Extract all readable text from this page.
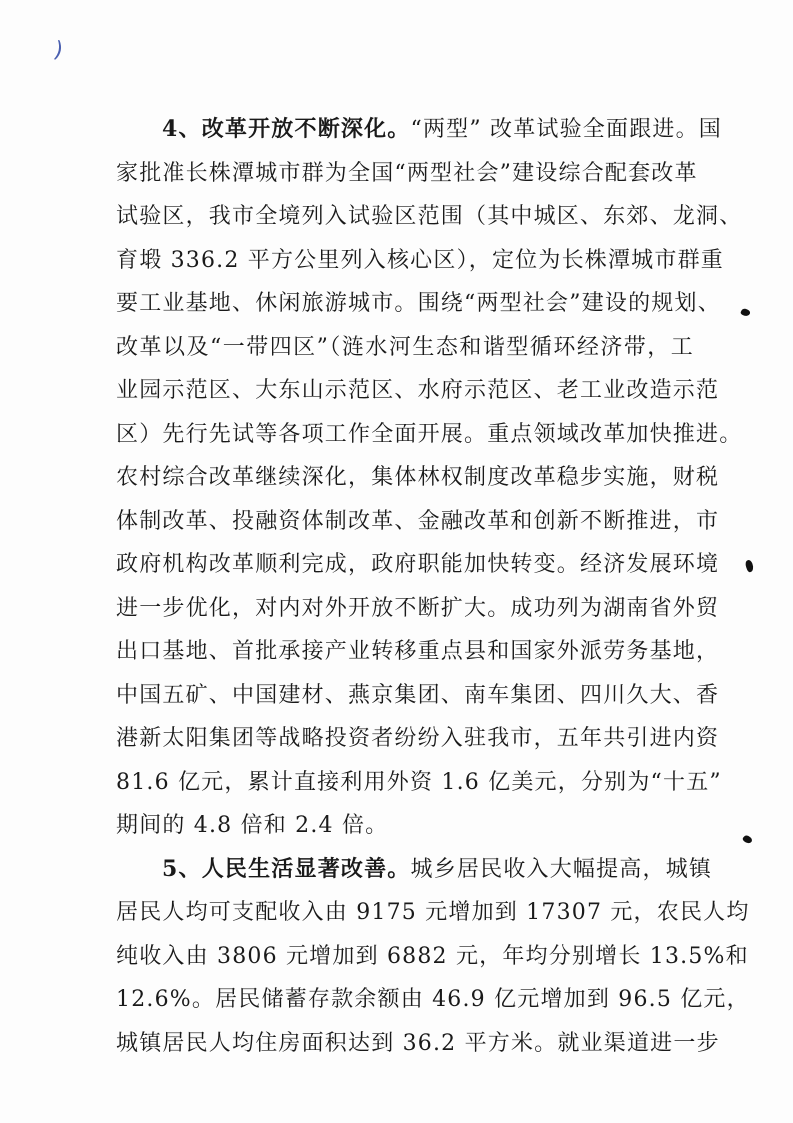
)
4、改革开放不断深化。“两型” 改革试验全面跟进。国
家批准长株潭城市群为全国“两型社会”建设综合配套改革
试验区，我市全境列入试验区范围（其中城区、东郊、龙洞、
育塅 336.2 平方公里列入核心区），定位为长株潭城市群重
要工业基地、休闲旅游城市。围绕“两型社会”建设的规划、
改革以及“一带四区”（涟水河生态和谐型循环经济带，工
业园示范区、大东山示范区、水府示范区、老工业改造示范
区）先行先试等各项工作全面开展。重点领域改革加快推进。
农村综合改革继续深化，集体林权制度改革稳步实施，财税
体制改革、投融资体制改革、金融改革和创新不断推进，市
政府机构改革顺利完成，政府职能加快转变。经济发展环境
进一步优化，对内对外开放不断扩大。成功列为湖南省外贸
出口基地、首批承接产业转移重点县和国家外派劳务基地，
中国五矿、中国建材、燕京集团、南车集团、四川久大、香
港新太阳集团等战略投资者纷纷入驻我市，五年共引进内资
81.6 亿元，累计直接利用外资 1.6 亿美元，分别为“十五”
期间的 4.8 倍和 2.4 倍。
5、人民生活显著改善。城乡居民收入大幅提高，城镇
居民人均可支配收入由 9175 元增加到 17307 元，农民人均
纯收入由 3806 元增加到 6882 元，年均分别增长 13.5%和
12.6%。居民储蓄存款余额由 46.9 亿元增加到 96.5 亿元，
城镇居民人均住房面积达到 36.2 平方米。就业渠道进一步
